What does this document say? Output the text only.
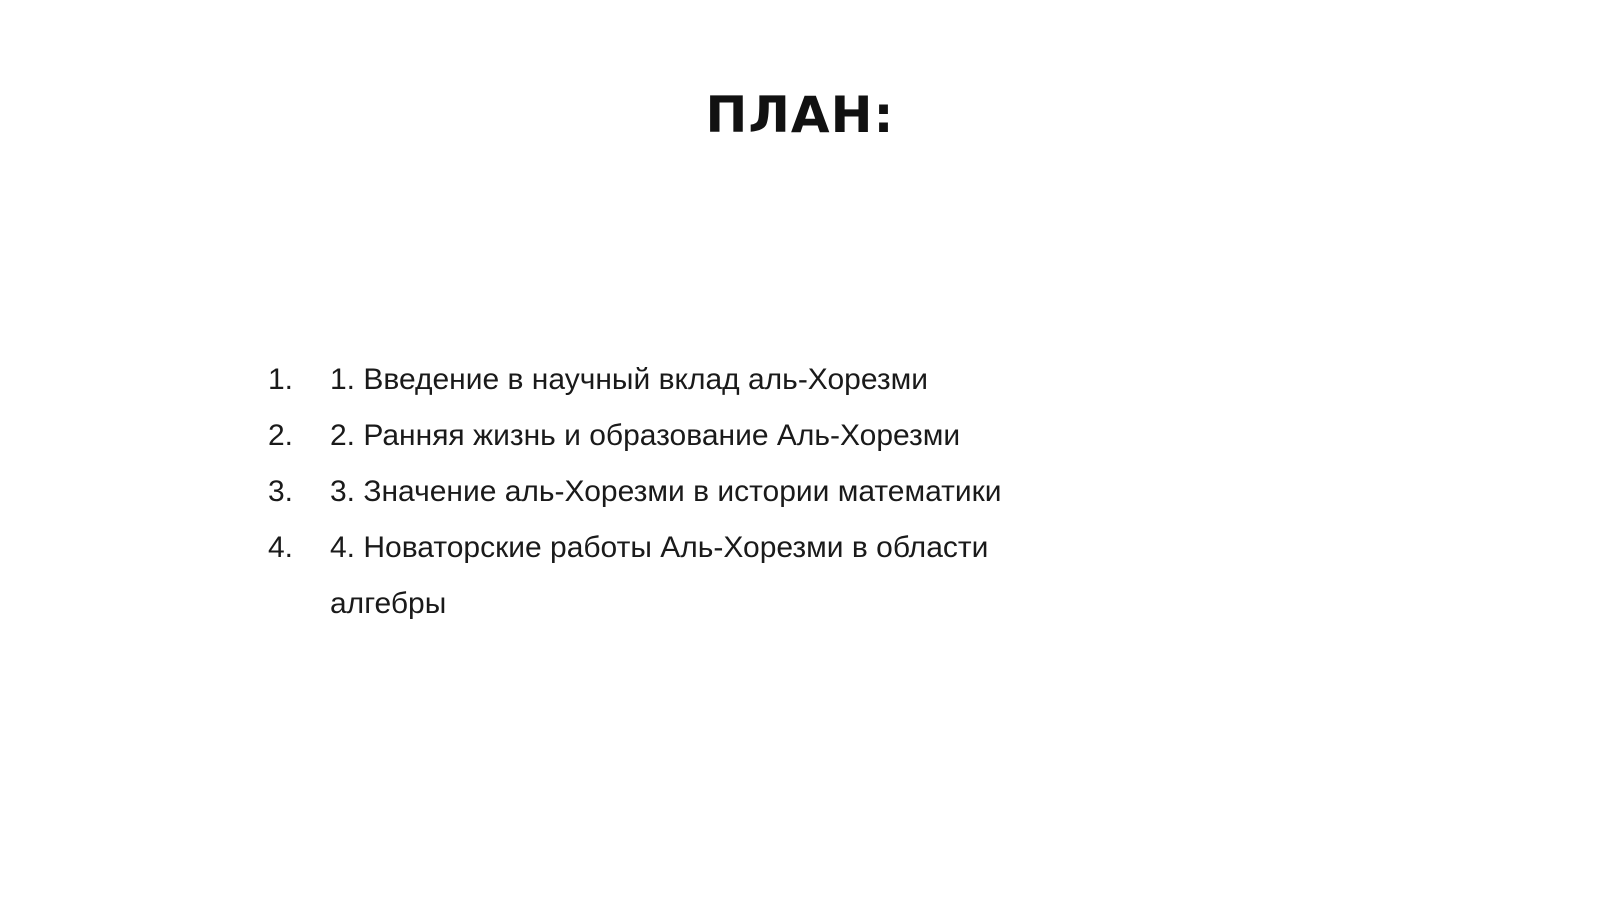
ПЛАН:
1.	1. Введение в научный вклад аль-Хорезми
2.	2. Ранняя жизнь и образование Аль-Хорезми
3.	3. Значение аль-Хорезми в истории математики
4.	4. Новаторские работы Аль-Хорезми в области алгебры
